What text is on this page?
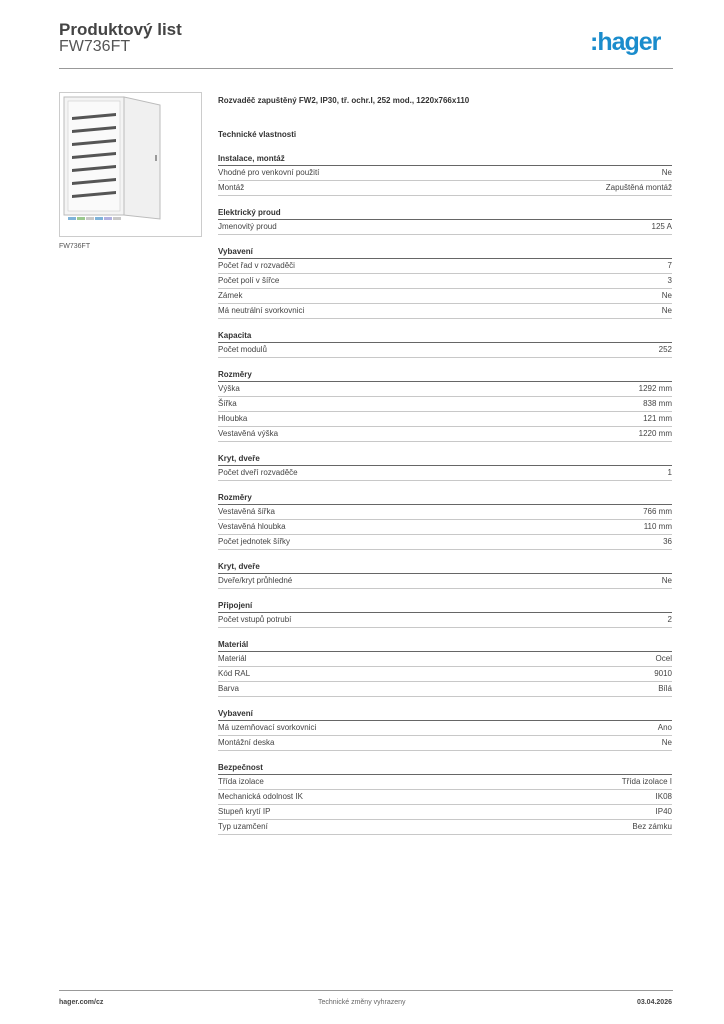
Produktový list
FW736FT	:hager
FW736FT
Rozvaděč zapuštěný FW2, IP30, tř. ochr.I, 252 mod., 1220x766x110
Technické vlastnosti
Instalace, montáž
Vhodné pro venkovní použití	Ne
Montáž	Zapuštěná montáž
Elektrický proud
Jmenovitý proud	125 A
Vybavení
Počet řad v rozvaděči	7
Počet polí v šířce	3
Zámek	Ne
Má neutrální svorkovnici	Ne
Kapacita
Počet modulů	252
Rozměry
Výška	1292 mm
Šířka	838 mm
Hloubka	121 mm
Vestavěná výška	1220 mm
Kryt, dveře
Počet dveří rozvaděče	1
Rozměry
Vestavěná šířka	766 mm
Vestavěná hloubka	110 mm
Počet jednotek šířky	36
Kryt, dveře
Dveře/kryt průhledné	Ne
Připojení
Počet vstupů potrubí	2
Materiál
Materiál	Ocel
Kód RAL	9010
Barva	Bílá
Vybavení
Má uzemňovací svorkovnici	Ano
Montážní deska	Ne
Bezpečnost
Třída izolace	Třída izolace I
Mechanická odolnost IK	IK08
Stupeň krytí IP	IP40
Typ uzamčení	Bez zámku
hager.com/cz	Technické změny vyhrazeny	03.04.2026
